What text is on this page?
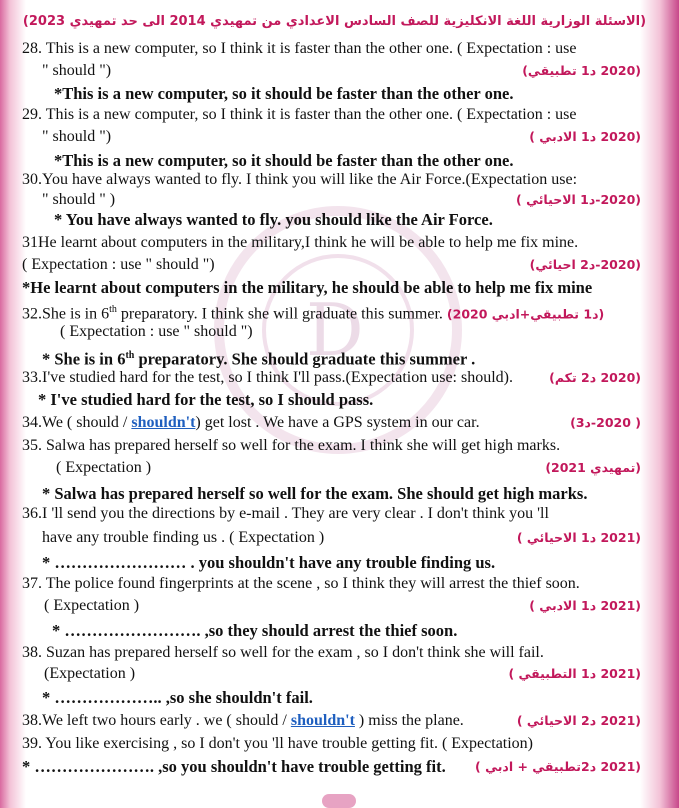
D
(الاسئلة الوزارية اللغة الانكليزية للصف السادس الاعدادي من تمهيدي 2014 الى حد تمهيدي 2023)
28. This is a new computer, so I think it is faster than the other one. ( Expectation : use
" should ")	(2020 د1 تطبيقي)
*This is a new computer, so it should be faster than the other one.
29. This is a new computer, so I think it is faster than the other one. ( Expectation : use
" should ")	(2020 د1 الادبي )
*This is a new computer, so it should be faster than the other one.
30.You have always wanted to fly. I think you will like the Air Force.(Expectation use:
" should " )	(2020-د1 الاحيائي )
* You have always wanted to fly. you should like the Air Force.
31He learnt about computers in the military,I think he will be able to help me fix mine.
( Expectation : use " should ")	(2020-د2 احيائي)
*He learnt about computers in the military, he should be able to help me fix mine
32.She is in 6th preparatory. I think she will graduate this summer. (2020 د1 تطبيقي+ادبي)
( Expectation : use " should ")
* She is in 6th preparatory. She should graduate this summer .
33.I've studied hard for the test, so I think I'll pass.(Expectation use: should).	(2020 د2 تكم)
* I've studied hard for the test, so I should pass.
34.We ( should / shouldn't) get lost . We have a GPS system in our car.	( 2020-د3)
35. Salwa has prepared herself so well for the exam. I think she will get high marks.
( Expectation )	(تمهيدي 2021)
* Salwa has prepared herself so well for the exam. She should get high marks.
36.I 'll send you the directions by e-mail . They are very clear . I don't think you 'll
have any trouble finding us . ( Expectation )	(2021 د1 الاحيائي )
* …………………… . you shouldn't have any trouble finding us.
37. The police found fingerprints at the scene , so I think they will arrest the thief soon.
( Expectation )	(2021 د1 الادبي )
* ……………………. ,so they should arrest the thief soon.
38. Suzan has prepared herself so well for the exam , so I don't think she will fail.
(Expectation )	(2021 د1 التطبيقي )
* ……………….. ,so she shouldn't fail.
38.We left two hours early . we ( should / shouldn't ) miss the plane.	(2021 د2 الاحيائي )
39. You like exercising , so I don't you 'll have trouble getting fit. ( Expectation)
* …………………. ,so you shouldn't have trouble getting fit. (2021 د2تطبيقي + ادبي )
